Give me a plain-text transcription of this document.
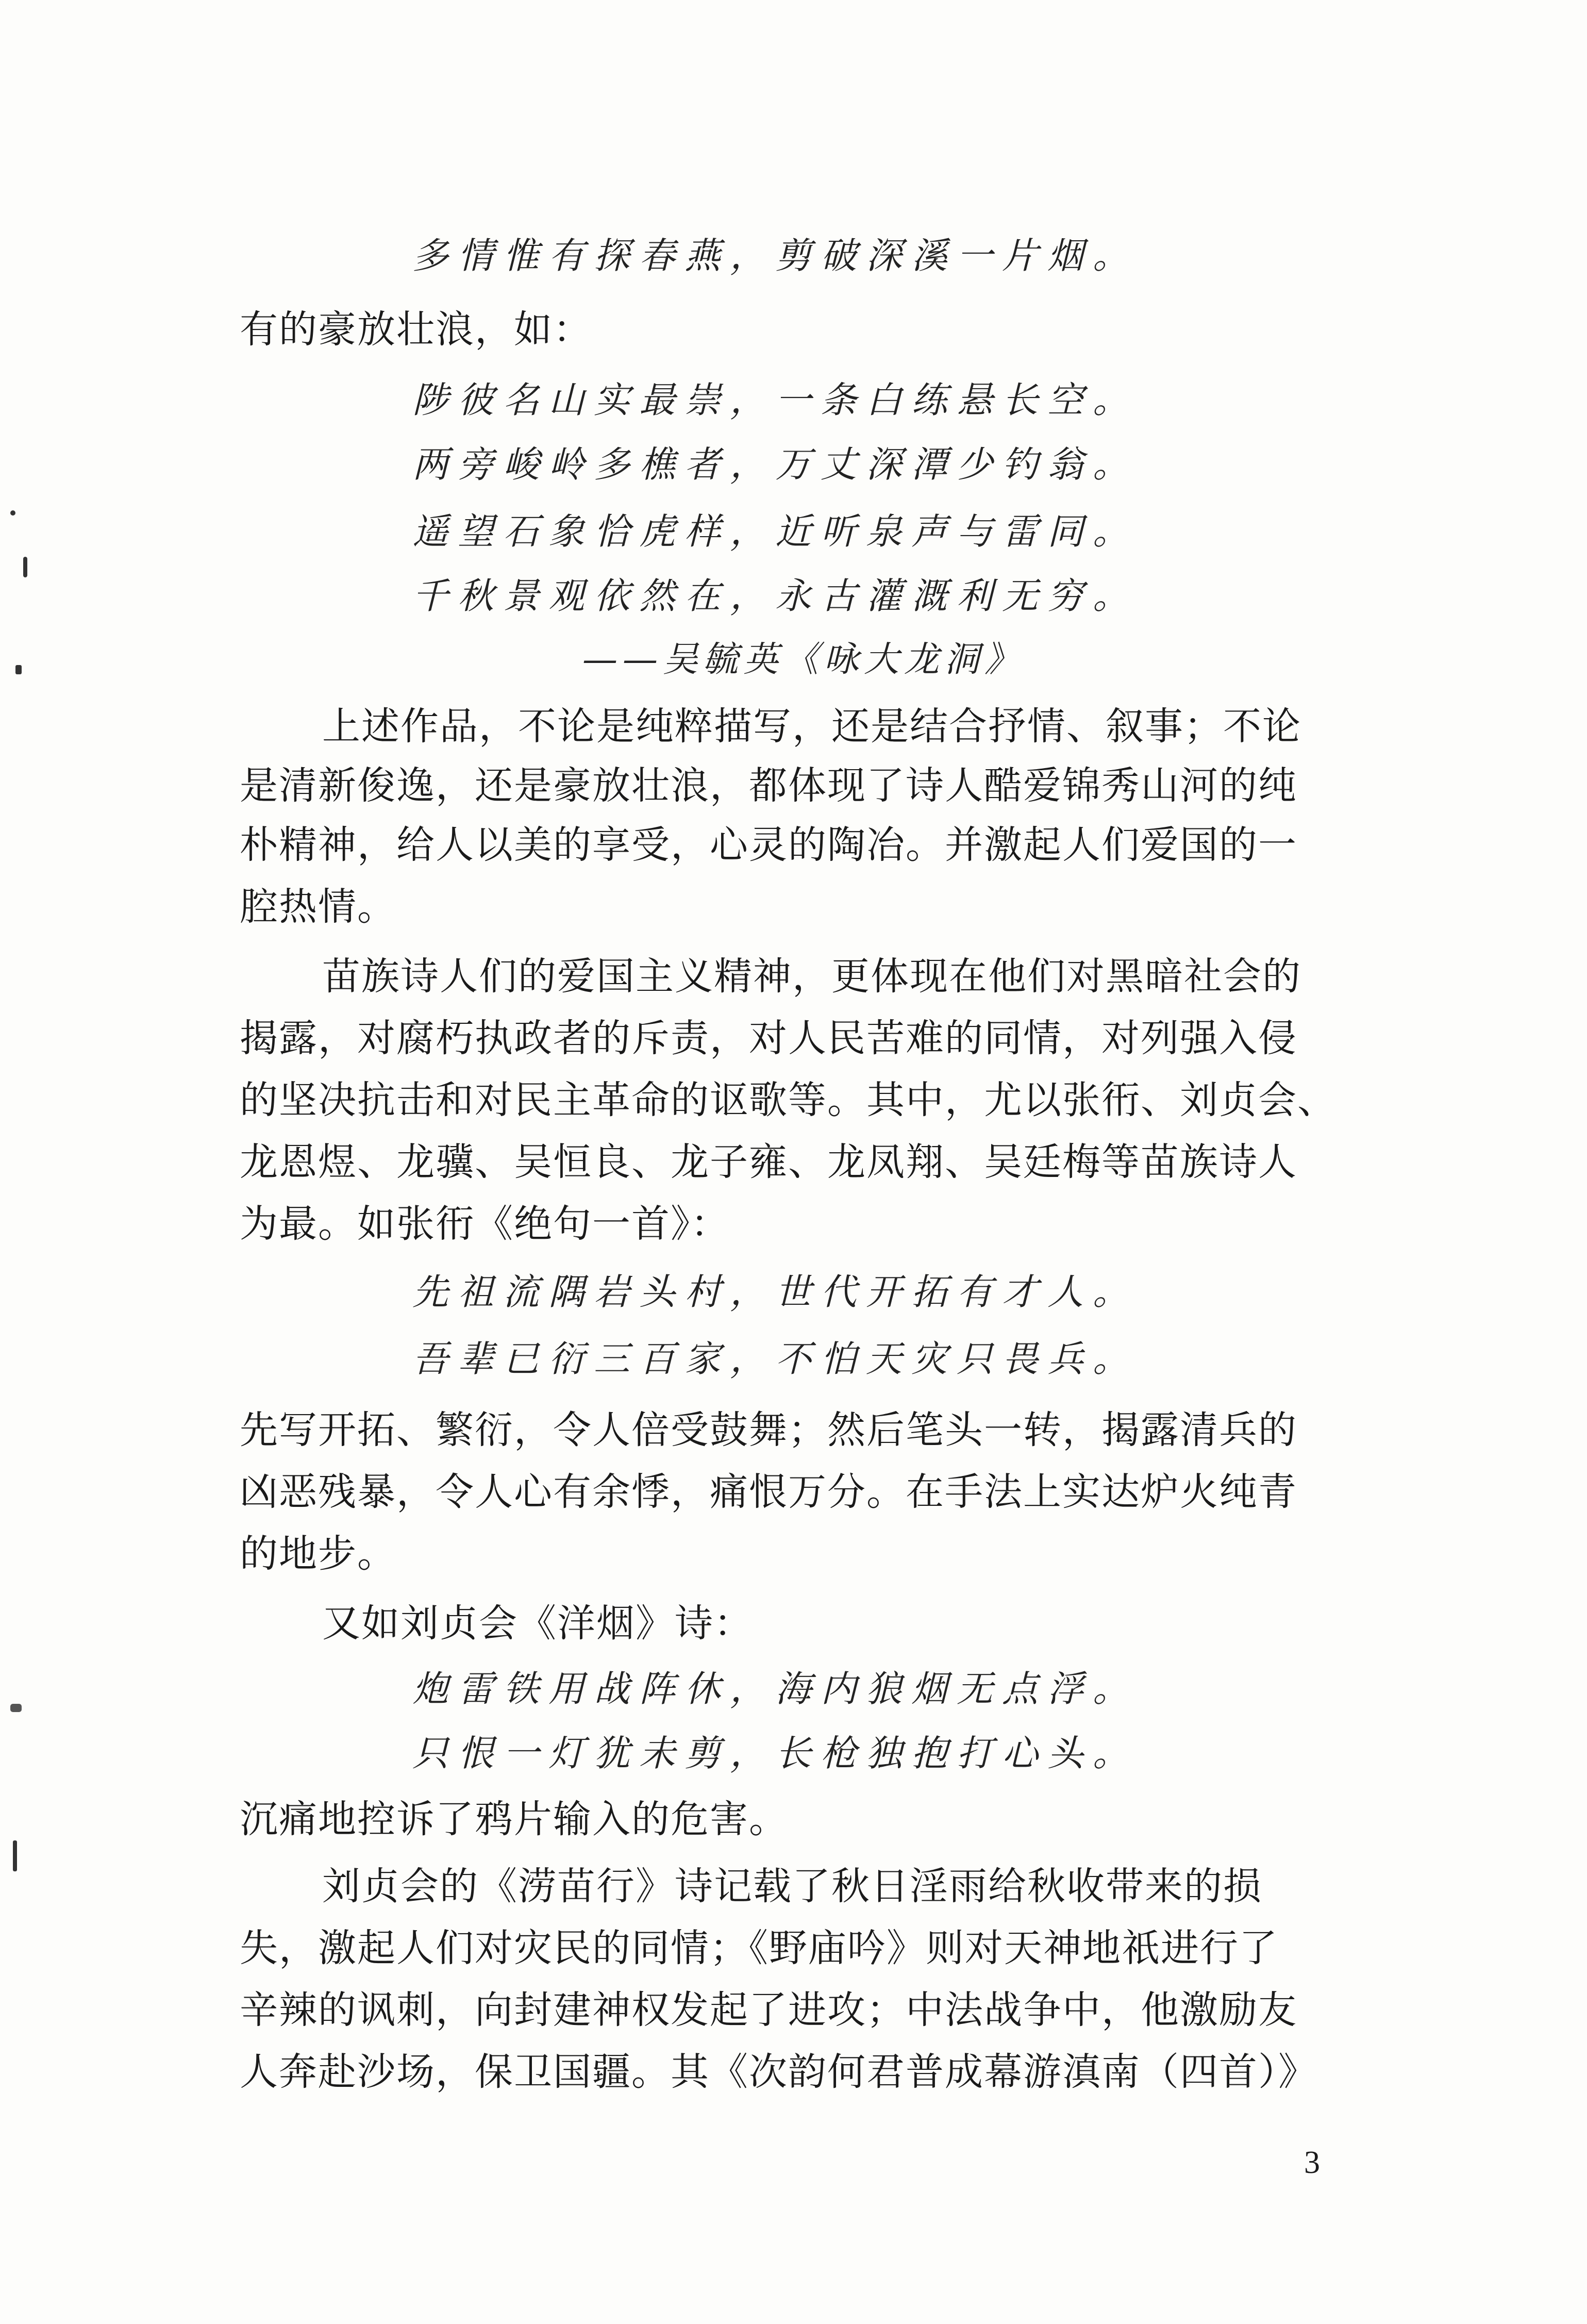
多情惟有探春燕，剪破深溪一片烟。
有的豪放壮浪，如：
陟彼名山实最崇，一条白练悬长空。
两旁峻岭多樵者，万丈深潭少钓翁。
遥望石象恰虎样，近听泉声与雷同。
千秋景观依然在，永古灌溉利无穷。
——吴毓英《咏大龙洞》
上述作品，不论是纯粹描写，还是结合抒情、叙事；不论
是清新俊逸，还是豪放壮浪，都体现了诗人酷爱锦秀山河的纯
朴精神，给人以美的享受，心灵的陶冶。并激起人们爱国的一
腔热情。
苗族诗人们的爱国主义精神，更体现在他们对黑暗社会的
揭露，对腐朽执政者的斥责，对人民苦难的同情，对列强入侵
的坚决抗击和对民主革命的讴歌等。其中，尤以张衎、刘贞会、
龙恩煜、龙骥、吴恒良、龙子雍、龙凤翔、吴廷梅等苗族诗人
为最。如张衎《绝句一首》：
先祖流隅岩头村，世代开拓有才人。
吾辈已衍三百家，不怕天灾只畏兵。
先写开拓、繁衍，令人倍受鼓舞；然后笔头一转，揭露清兵的
凶恶残暴，令人心有余悸，痛恨万分。在手法上实达炉火纯青
的地步。
又如刘贞会《洋烟》诗：
炮雷铁用战阵休，海内狼烟无点浮。
只恨一灯犹未剪，长枪独抱打心头。
沉痛地控诉了鸦片输入的危害。
刘贞会的《涝苗行》诗记载了秋日淫雨给秋收带来的损
失，激起人们对灾民的同情；《野庙吟》则对天神地祇进行了
辛辣的讽刺，向封建神权发起了进攻；中法战争中，他激励友
人奔赴沙场，保卫国疆。其《次韵何君普成幕游滇南（四首）》
3
